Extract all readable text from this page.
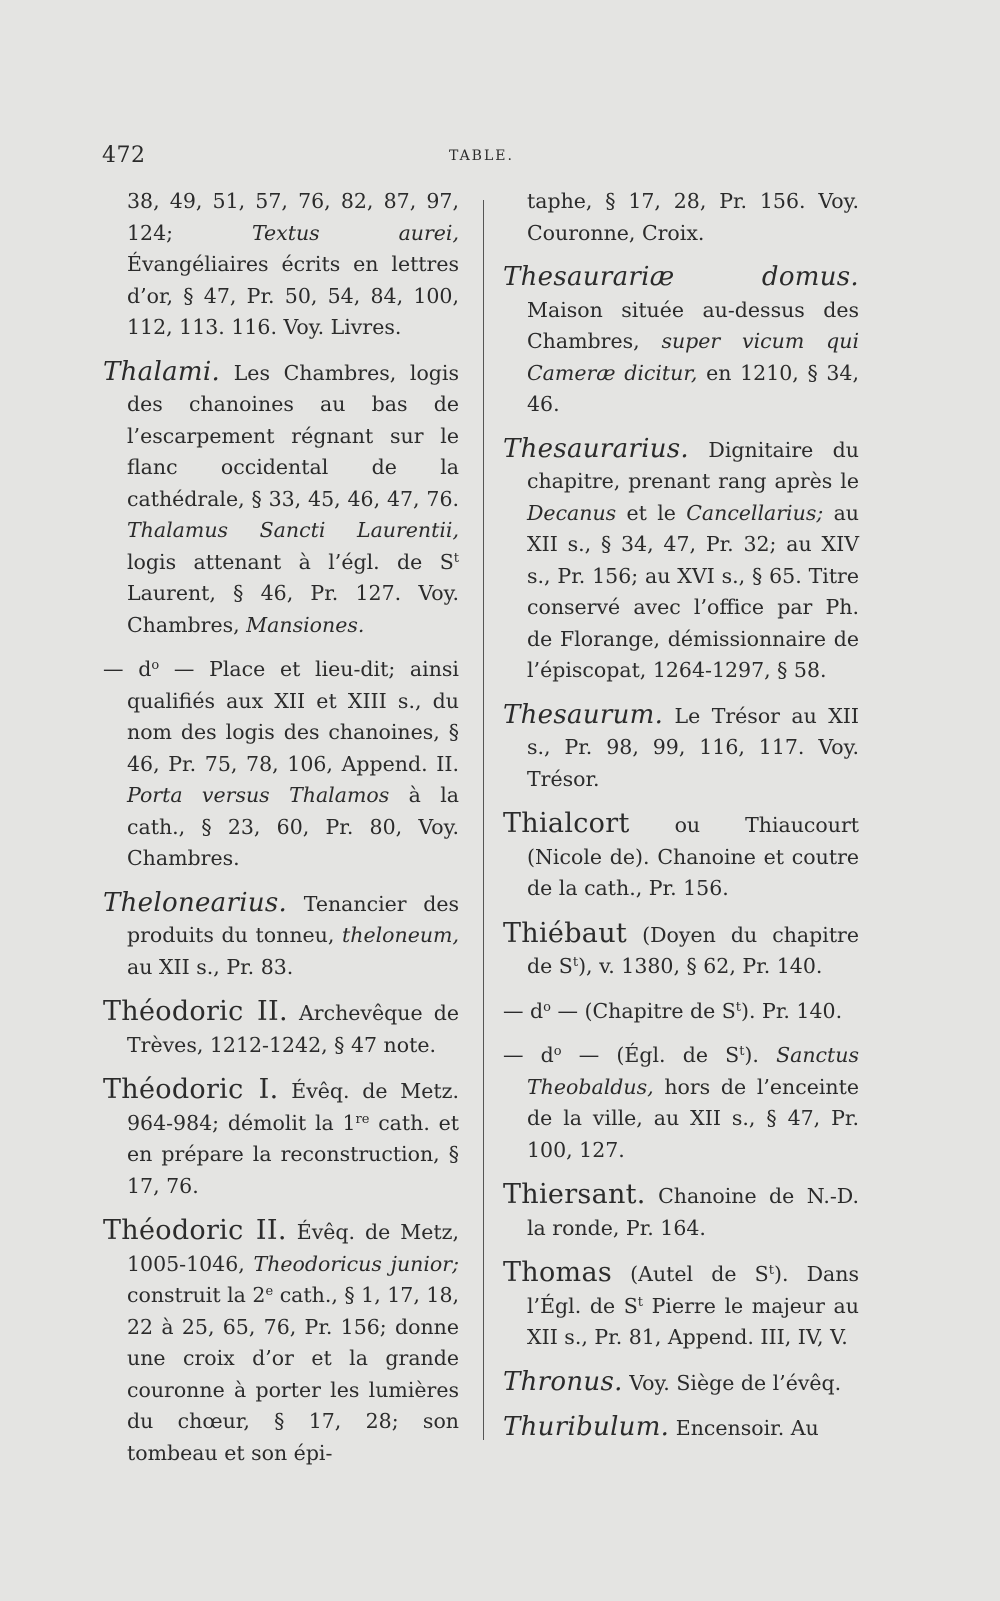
472	TABLE.

38, 49, 51, 57, 76, 82, 87, 97, 124; Textus aurei, Évangéliaires écrits en lettres d’or, § 47, Pr. 50, 54, 84, 100, 112, 113. 116. Voy. Livres.

Thalami. Les Chambres, logis des chanoines au bas de l’escarpement régnant sur le flanc occidental de la cathédrale, § 33, 45, 46, 47, 76. Thalamus Sancti Laurentii, logis attenant à l’égl. de $S^t$ Laurent, § 46, Pr. 127. Voy. Chambres, Mansiones.

— $d^o$ — Place et lieu-dit; ainsi qualifiés aux XII et XIII s., du nom des logis des chanoines, § 46, Pr. 75, 78, 106, Append. II. Porta versus Thalamos à la cath., § 23, 60, Pr. 80, Voy. Chambres.

Thelonearius. Tenancier des produits du tonneu, theloneum, au XII s., Pr. 83.

Théodoric II. Archevêque de Trèves, 1212-1242, § 47 note.

Théodoric I. Évêq. de Metz. 964-984; démolit la 1re cath. et en prépare la reconstruction, § 17, 76.

Théodoric II. Évêq. de Metz, 1005-1046, Theodoricus junior; construit la 2e cath., § 1, 17, 18, 22 à 25, 65, 76, Pr. 156; donne une croix d’or et la grande couronne à porter les lumières du chœur, § 17, 28; son tombeau et son épi-

taphe, § 17, 28, Pr. 156. Voy. Couronne, Croix.

Thesaurariæ domus. Maison située au-dessus des Chambres, super vicum qui Cameræ dicitur, en 1210, § 34, 46.

Thesaurarius. Dignitaire du chapitre, prenant rang après le Decanus et le Cancellarius; au XII s., § 34, 47, Pr. 32; au XIV s., Pr. 156; au XVI s., § 65. Titre conservé avec l’office par Ph. de Florange, démissionnaire de l’épiscopat, 1264-1297, § 58.

Thesaurum. Le Trésor au XII s., Pr. 98, 99, 116, 117. Voy. Trésor.

Thialcort ou Thiaucourt (Nicole de). Chanoine et coutre de la cath., Pr. 156.

Thiébaut (Doyen du chapitre de $S^t$), v. 1380, § 62, Pr. 140.

— $d^o$ — (Chapitre de $S^t$). Pr. 140.

— $d^o$ — (Égl. de $S^t$). Sanctus Theobaldus, hors de l’enceinte de la ville, au XII s., § 47, Pr. 100, 127.

Thiersant. Chanoine de N.-D. la ronde, Pr. 164.

Thomas (Autel de $S^t$). Dans l’Égl. de $S^t$ Pierre le majeur au XII s., Pr. 81, Append. III, IV, V.

Thronus. Voy. Siège de l’évêq.

Thuribulum. Encensoir. Au
